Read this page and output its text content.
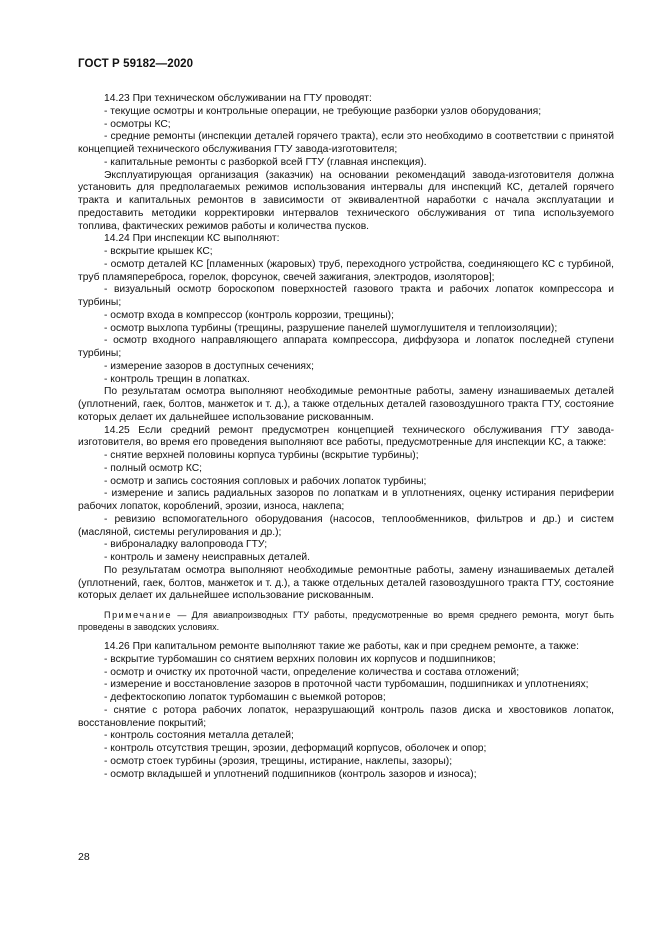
ГОСТ Р 59182—2020

14.23 При техническом обслуживании на ГТУ проводят:

- текущие осмотры и контрольные операции, не требующие разборки узлов оборудования;

- осмотры КС;

- средние ремонты (инспекции деталей горячего тракта), если это необходимо в соответствии с принятой концепцией технического обслуживания ГТУ завода-изготовителя;

- капитальные ремонты с разборкой всей ГТУ (главная инспекция).

Эксплуатирующая организация (заказчик) на основании рекомендаций завода-изготовителя должна установить для предполагаемых режимов использования интервалы для инспекций КС, деталей горячего тракта и капитальных ремонтов в зависимости от эквивалентной наработки с начала эксплуатации и предоставить методики корректировки интервалов технического обслуживания от типа используемого топлива, фактических режимов работы и количества пусков.

14.24 При инспекции КС выполняют:

- вскрытие крышек КС;

- осмотр деталей КС [пламенных (жаровых) труб, переходного устройства, соединяющего КС с турбиной, труб пламяпереброса, горелок, форсунок, свечей зажигания, электродов, изоляторов];

- визуальный осмотр бороскопом поверхностей газового тракта и рабочих лопаток компрессора и турбины;

- осмотр входа в компрессор (контроль коррозии, трещины);

- осмотр выхлопа турбины (трещины, разрушение панелей шумоглушителя и теплоизоляции);

- осмотр входного направляющего аппарата компрессора, диффузора и лопаток последней ступени турбины;

- измерение зазоров в доступных сечениях;

- контроль трещин в лопатках.

По результатам осмотра выполняют необходимые ремонтные работы, замену изнашиваемых деталей (уплотнений, гаек, болтов, манжеток и т. д.), а также отдельных деталей газовоздушного тракта ГТУ, состояние которых делает их дальнейшее использование рискованным.

14.25 Если средний ремонт предусмотрен концепцией технического обслуживания ГТУ завода-изготовителя, во время его проведения выполняют все работы, предусмотренные для инспекции КС, а также:

- снятие верхней половины корпуса турбины (вскрытие турбины);

- полный осмотр КС;

- осмотр и запись состояния сопловых и рабочих лопаток турбины;

- измерение и запись радиальных зазоров по лопаткам и в уплотнениях, оценку истирания периферии рабочих лопаток, короблений, эрозии, износа, наклепа;

- ревизию вспомогательного оборудования (насосов, теплообменников, фильтров и др.) и систем (масляной, системы регулирования и др.);

- виброналадку валопровода ГТУ;

- контроль и замену неисправных деталей.

По результатам осмотра выполняют необходимые ремонтные работы, замену изнашиваемых деталей (уплотнений, гаек, болтов, манжеток и т. д.), а также отдельных деталей газовоздушного тракта ГТУ, состояние которых делает их дальнейшее использование рискованным.

Примечание — Для авиапроизводных ГТУ работы, предусмотренные во время среднего ремонта, могут быть проведены в заводских условиях.

14.26 При капитальном ремонте выполняют такие же работы, как и при среднем ремонте, а также:

- вскрытие турбомашин со снятием верхних половин их корпусов и подшипников;

- осмотр и очистку их проточной части, определение количества и состава отложений;

- измерение и восстановление зазоров в проточной части турбомашин, подшипниках и уплотнениях;

- дефектоскопию лопаток турбомашин с выемкой роторов;

- снятие с ротора рабочих лопаток, неразрушающий контроль пазов диска и хвостовиков лопаток, восстановление покрытий;

- контроль состояния металла деталей;

- контроль отсутствия трещин, эрозии, деформаций корпусов, оболочек и опор;

- осмотр стоек турбины (эрозия, трещины, истирание, наклепы, зазоры);

- осмотр вкладышей и уплотнений подшипников (контроль зазоров и износа);

28
